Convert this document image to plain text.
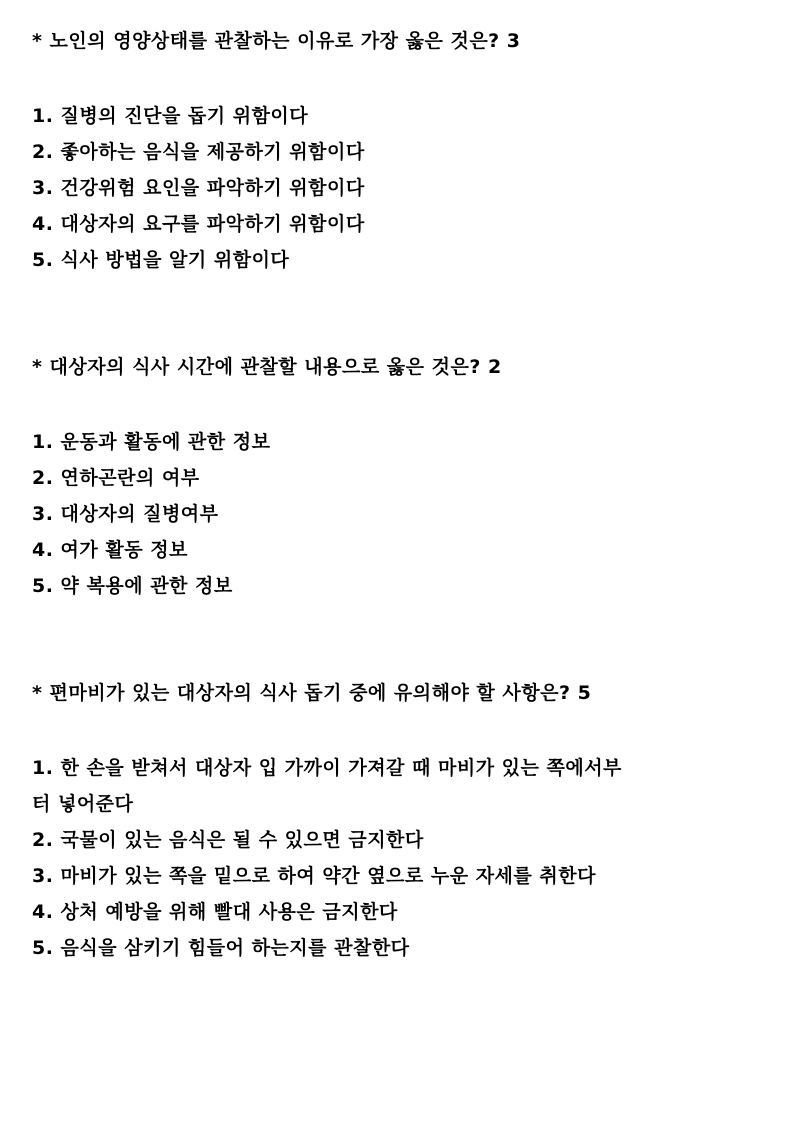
* 노인의 영양상태를 관찰하는 이유로 가장 옳은 것은? 3
1. 질병의 진단을 돕기 위함이다
2. 좋아하는 음식을 제공하기 위함이다
3. 건강위험 요인을 파악하기 위함이다
4. 대상자의 요구를 파악하기 위함이다
5. 식사 방법을 알기 위함이다
* 대상자의 식사 시간에 관찰할 내용으로 옳은 것은? 2
1. 운동과 활동에 관한 정보
2. 연하곤란의 여부
3. 대상자의 질병여부
4. 여가 활동 정보
5. 약 복용에 관한 정보
* 편마비가 있는 대상자의 식사 돕기 중에 유의해야 할 사항은? 5
1. 한 손을 받쳐서 대상자 입 가까이 가져갈 때 마비가 있는 쪽에서부터 넣어준다
2. 국물이 있는 음식은 될 수 있으면 금지한다
3. 마비가 있는 쪽을 밑으로 하여 약간 옆으로 누운 자세를 취한다
4. 상처 예방을 위해 빨대 사용은 금지한다
5. 음식을 삼키기 힘들어 하는지를 관찰한다
